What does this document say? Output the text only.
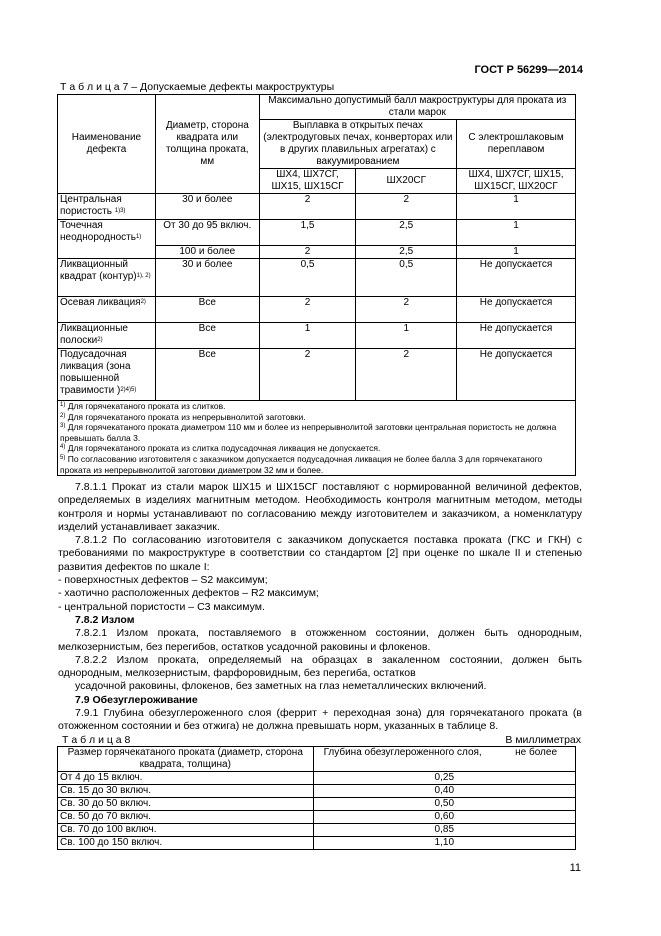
ГОСТ Р 56299—2014
Т а б л и ц а 7 – Допускаемые дефекты макроструктуры
Наименование дефекта	Диаметр, сторона квадрата или толщина проката, мм	Максимально допустимый балл макроструктуры для проката из стали марок		
		Выплавка в открытых печах (электродуговых печах, конверторах или в других плавильных агрегатах) с вакуумированием		С электрошлаковым переплавом
		ШХ4, ШХ7СГ, ШХ15, ШХ15СГ	ШХ20СГ	ШХ4, ШХ7СГ, ШХ15, ШХ15СГ, ШХ20СГ
Центральная пористость $^{1)3)}$	30 и более	2	2	1
Точечная неоднородность$^{1)}$	От 30 до 95 включ.	1,5	2,5	1
	100 и более	2	2,5	1
Ликвационный квадрат (контур)$^{1), 2)}$	30 и более	0,5	0,5	Не допускается
Осевая ликвация$^{2)}$	Все	2	2	Не допускается
Ликвационные полоски$^{2)}$	Все	1	1	Не допускается
Подусадочная ликвация (зона повышенной травимости )$^{2)4)5)}$	Все	2	2	Не допускается

$^{1)}$ Для горячекатаного проката из слитков.
$^{2)}$ Для горячекатаного проката из непрерывнолитой заготовки.
$^{3)}$ Для горячекатаного проката диаметром 110 мм и более из непрерывнолитой заготовки центральная пористость не должна превышать балла 3.
$^{4)}$ Для горячекатаного проката из слитка подусадочная ликвация не допускается.
$^{5)}$ По согласованию изготовителя с заказчиком допускается подусадочная ликвация не более балла 3 для горячекатаного проката из непрерывнолитой заготовки диаметром 32 мм и более.				

7.8.1.1 Прокат из стали марок ШХ15 и ШХ15СГ поставляют с нормированной величиной дефектов, определяемых в изделиях магнитным методом. Необходимость контроля магнитным методом, методы контроля и нормы устанавливают по согласованию между изготовителем и заказчиком, а номенклатуру изделий устанавливает заказчик.

7.8.1.2 По согласованию изготовителя с заказчиком допускается поставка проката (ГКС и ГКН) с требованиями по макроструктуре в соответствии со стандартом [2] при оценке по шкале II и степенью развития дефектов по шкале I:

- поверхностных дефектов – S2 максимум;

- хаотично расположенных дефектов – R2 максимум;

- центральной пористости – С3 максимум.

7.8.2 Излом

7.8.2.1 Излом проката, поставляемого в отожженном состоянии, должен быть однородным, мелкозернистым, без перегибов, остатков усадочной раковины и флокенов.

7.8.2.2 Излом проката, определяемый на образцах в закаленном состоянии, должен быть однородным, мелкозернистым, фарфоровидным, без перегиба, остатков

усадочной раковины, флокенов, без заметных на глаз неметаллических включений.

7.9 Обезуглероживание

7.9.1 Глубина обезуглероженного слоя (феррит + переходная зона) для горячекатаного проката (в отожженном состоянии и без отжига) не должна превышать норм, указанных в таблице 8.

Т а б л и ц а 8	В миллиметрах
Размер горячекатаного проката (диаметр, сторона квадрата, толщина)	Глубина обезуглероженного слоя, не более

От 4 до 15 включ.	0,25
Св. 15 до 30 включ.	0,40
Св. 30 до 50 включ.	0,50
Св. 50 до 70 включ.	0,60
Св. 70 до 100 включ.	0,85
Св. 100 до 150 включ.	1,10
11
